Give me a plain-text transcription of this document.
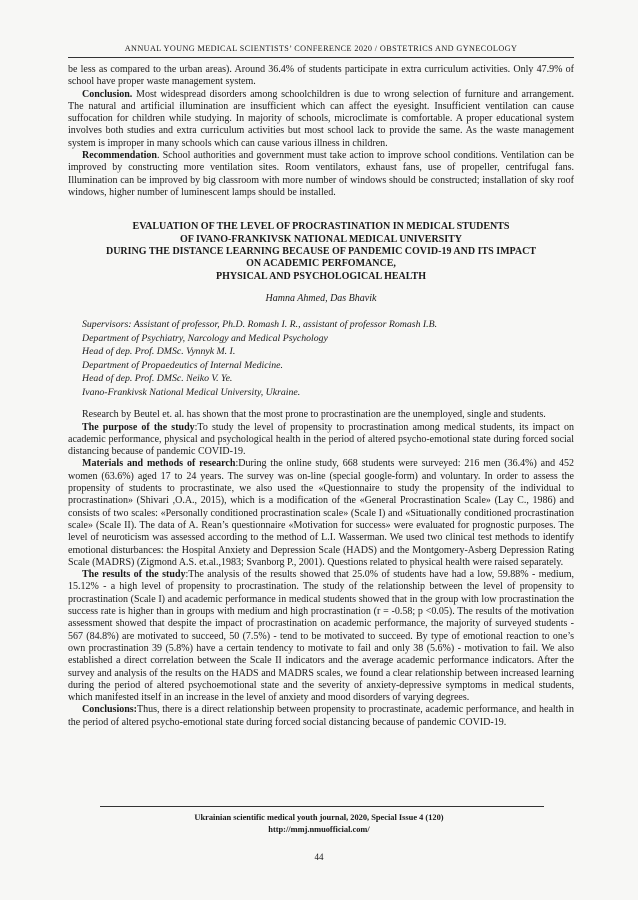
ANNUAL YOUNG MEDICAL SCIENTISTS’ CONFERENCE 2020 / OBSTETRICS AND GYNECOLOGY

be less as compared to the urban areas). Around 36.4% of students participate in extra curriculum activities. Only 47.9% of school have proper waste management system.

Conclusion. Most widespread disorders among schoolchildren is due to wrong selection of furniture and arrangement. The natural and artificial illumination are insufficient which can affect the eyesight. Insufficient ventilation can cause suffocation for children while studying. In majority of schools, microclimate is comfortable. A proper educational system involves both studies and extra curriculum activities but most school lack to provide the same. As the waste management system is improper in many schools which can cause various illness in children.

Recommendation. School authorities and government must take action to improve school conditions. Ventilation can be improved by constructing more ventilation sites. Room ventilators, exhaust fans, use of propeller, centrifugal fans. Illumination can be improved by big classroom with more number of windows should be constructed; installation of sky roof windows, higher number of luminescent lamps should be installed.

EVALUATION OF THE LEVEL OF PROCRASTINATION IN MEDICAL STUDENTS
OF IVANO-FRANKIVSK NATIONAL MEDICAL UNIVERSITY
DURING THE DISTANCE LEARNING BECAUSE OF PANDEMIC COVID-19 AND ITS IMPACT
ON ACADEMIC PERFOMANCE,
PHYSICAL AND PSYCHOLOGICAL HEALTH
Hamna Ahmed, Das Bhavik
Supervisors: Assistant of professor, Ph.D. Romash I. R., assistant of professor Romash I.B.
Department of Psychiatry, Narcology and Medical Psychology
Head of dep. Prof. DMSc. Vynnyk M. I.
Department of Propaedeutics of Internal Medicine.
Head of dep. Prof. DMSc. Neiko V. Ye.
Ivano-Frankivsk National Medical University, Ukraine.

Research by Beutel et. al. has shown that the most prone to procrastination are the unemployed, single and students.

The purpose of the study:To study the level of propensity to procrastination among medical students, its impact on academic performance, physical and psychological health in the period of altered psycho-emotional state during forced social distancing because of pandemic COVID-19.

Materials and methods of research:During the online study, 668 students were surveyed: 216 men (36.4%) and 452 women (63.6%) aged 17 to 24 years. The survey was on-line (special google-form) and voluntary. In order to assess the propensity of students to procrastinate, we also used the «Questionnaire to study the propensity of the individual to procrastination» (Shivari ,O.A., 2015), which is a modification of the «General Procrastination Scale» (Lay C., 1986) and consists of two scales: «Personally conditioned procrastination scale» (Scale I) and «Situationally conditioned procrastination scale» (Scale II). The data of A. Rean’s questionnaire «Motivation for success» were evaluated for prognostic purposes. The level of neuroticism was assessed according to the method of L.I. Wasserman. We used two clinical test methods to identify emotional disturbances: the Hospital Anxiety and Depression Scale (HADS) and the Montgomery-Asberg Depression Rating Scale (MADRS) (Zigmond A.S. et.al.,1983; Svanborg P., 2001). Questions related to physical health were raised separately.

The results of the study:The analysis of the results showed that 25.0% of students have had a low, 59.88% - medium, 15.12% - a high level of propensity to procrastination. The study of the relationship between the level of propensity to procrastination (Scale I) and academic performance in medical students showed that in the group with low procrastination the success rate is higher than in groups with medium and high procrastination (r = -0.58; p <0.05). The results of the motivation assessment showed that despite the impact of procrastination on academic performance, the majority of surveyed students - 567 (84.8%) are motivated to succeed, 50 (7.5%) - tend to be motivated to succeed. By type of emotional reaction to one’s own procrastination 39 (5.8%) have a certain tendency to motivate to fail and only 38 (5.6%) - motivation to fail. We also established a direct correlation between the Scale II indicators and the average academic performance indicators. After the survey and analysis of the results on the HADS and MADRS scales, we found a clear relationship between increased learning during the period of altered psychoemotional state and the severity of anxiety-depressive symptoms in medical students, which manifested itself in an increase in the level of anxiety and mood disorders of varying degrees.

Conclusions:Thus, there is a direct relationship between propensity to procrastinate, academic performance, and health in the period of altered psycho-emotional state during forced social distancing because of pandemic COVID-19.

Ukrainian scientific medical youth journal, 2020, Special Issue 4 (120)
http://mmj.nmuofficial.com/
44
